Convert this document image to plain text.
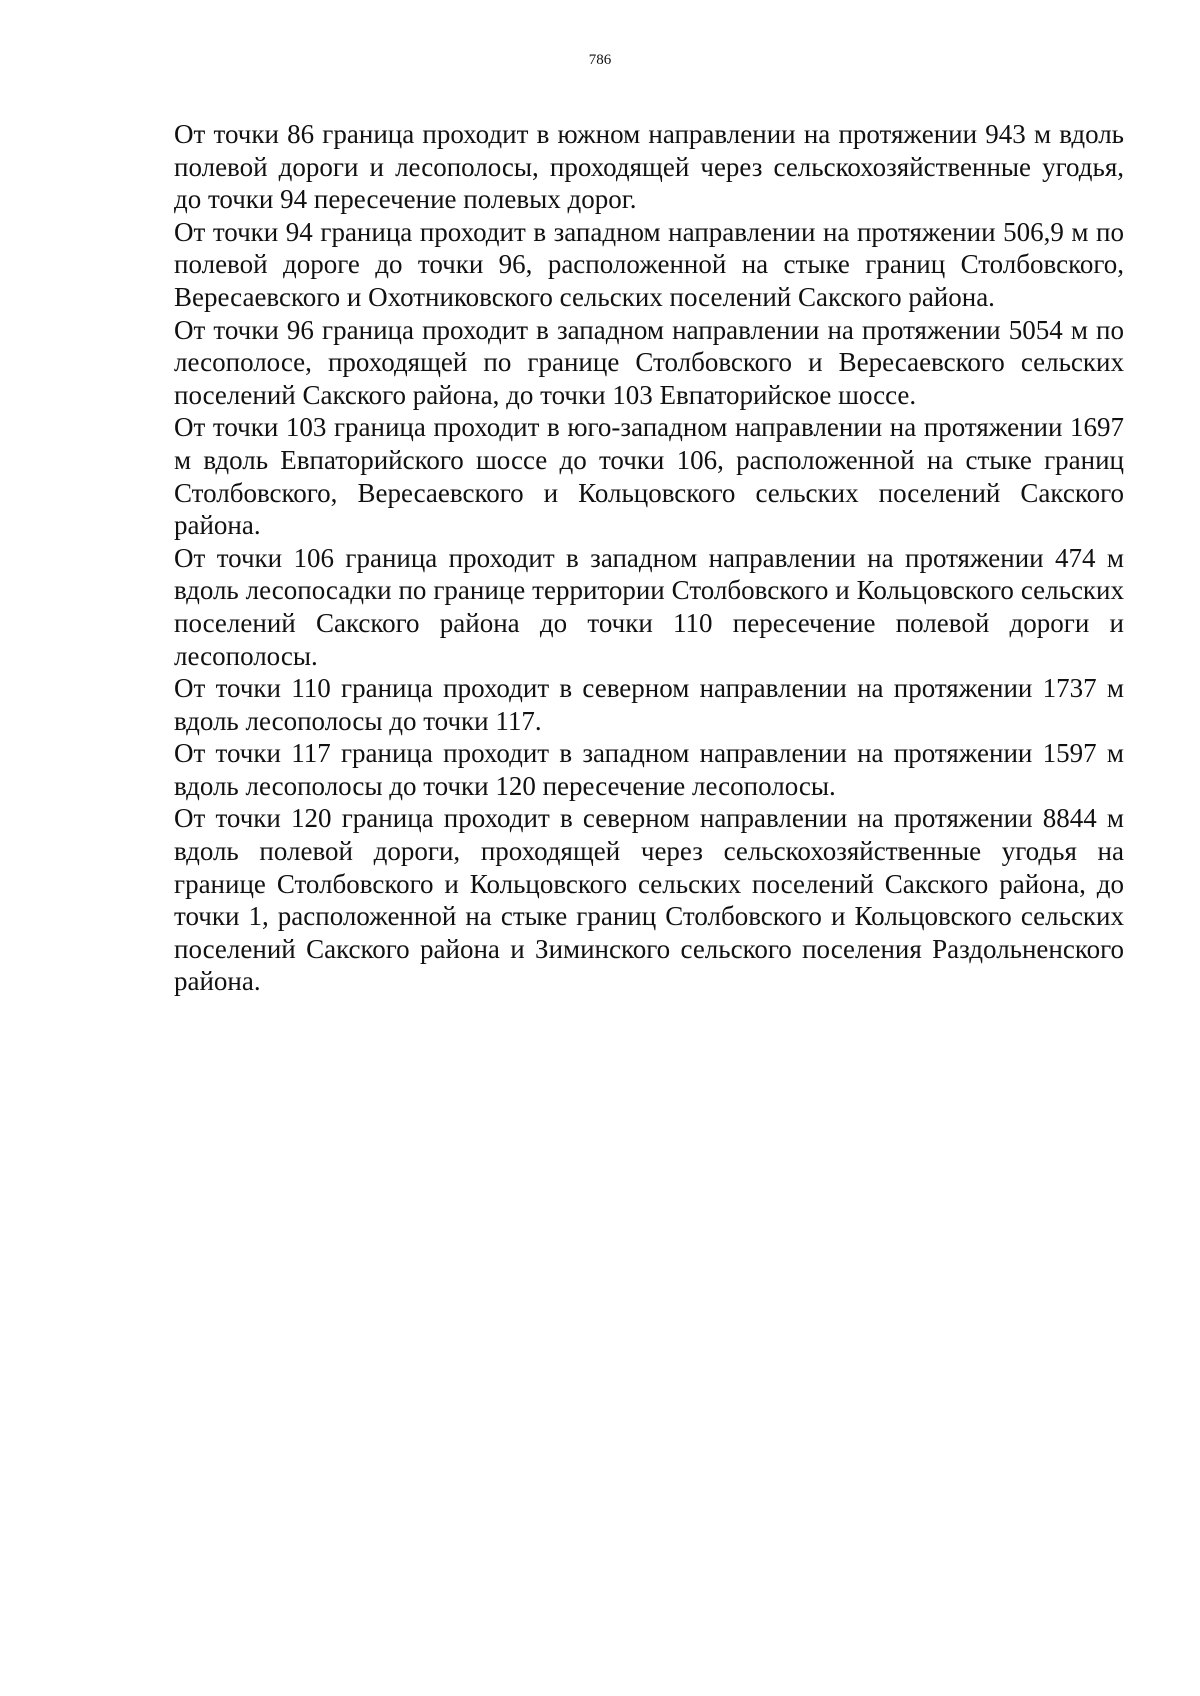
786

От точки 86 граница проходит в южном направлении на протяжении 943 м вдоль полевой дороги и лесополосы, проходящей через сельскохозяйственные угодья, до точки 94 пересечение полевых дорог.

От точки 94 граница проходит в западном направлении на протяжении 506,9 м по полевой дороге до точки 96, расположенной на стыке границ Столбовского, Вересаевского и Охотниковского сельских поселений Сакского района.

От точки 96 граница проходит в западном направлении на протяжении 5054 м по лесополосе, проходящей по границе Столбовского и Вересаевского сельских поселений Сакского района, до точки 103 Евпаторийское шоссе.

От точки 103 граница проходит в юго-западном направлении на протяжении 1697 м вдоль Евпаторийского шоссе до точки 106, расположенной на стыке границ Столбовского, Вересаевского и Кольцовского сельских поселений Сакского района.

От точки 106 граница проходит в западном направлении на протяжении 474 м вдоль лесопосадки по границе территории Столбовского и Кольцовского сельских поселений Сакского района до точки 110 пересечение полевой дороги и лесополосы.

От точки 110 граница проходит в северном направлении на протяжении 1737 м вдоль лесополосы до точки 117.

От точки 117 граница проходит в западном направлении на протяжении 1597 м вдоль лесополосы до точки 120 пересечение лесополосы.

От точки 120 граница проходит в северном направлении на протяжении 8844 м вдоль полевой дороги, проходящей через сельскохозяйственные угодья на границе Столбовского и Кольцовского сельских поселений Сакского района, до точки 1, расположенной на стыке границ Столбовского и Кольцовского сельских поселений Сакского района и Зиминского сельского поселения Раздольненского района.
